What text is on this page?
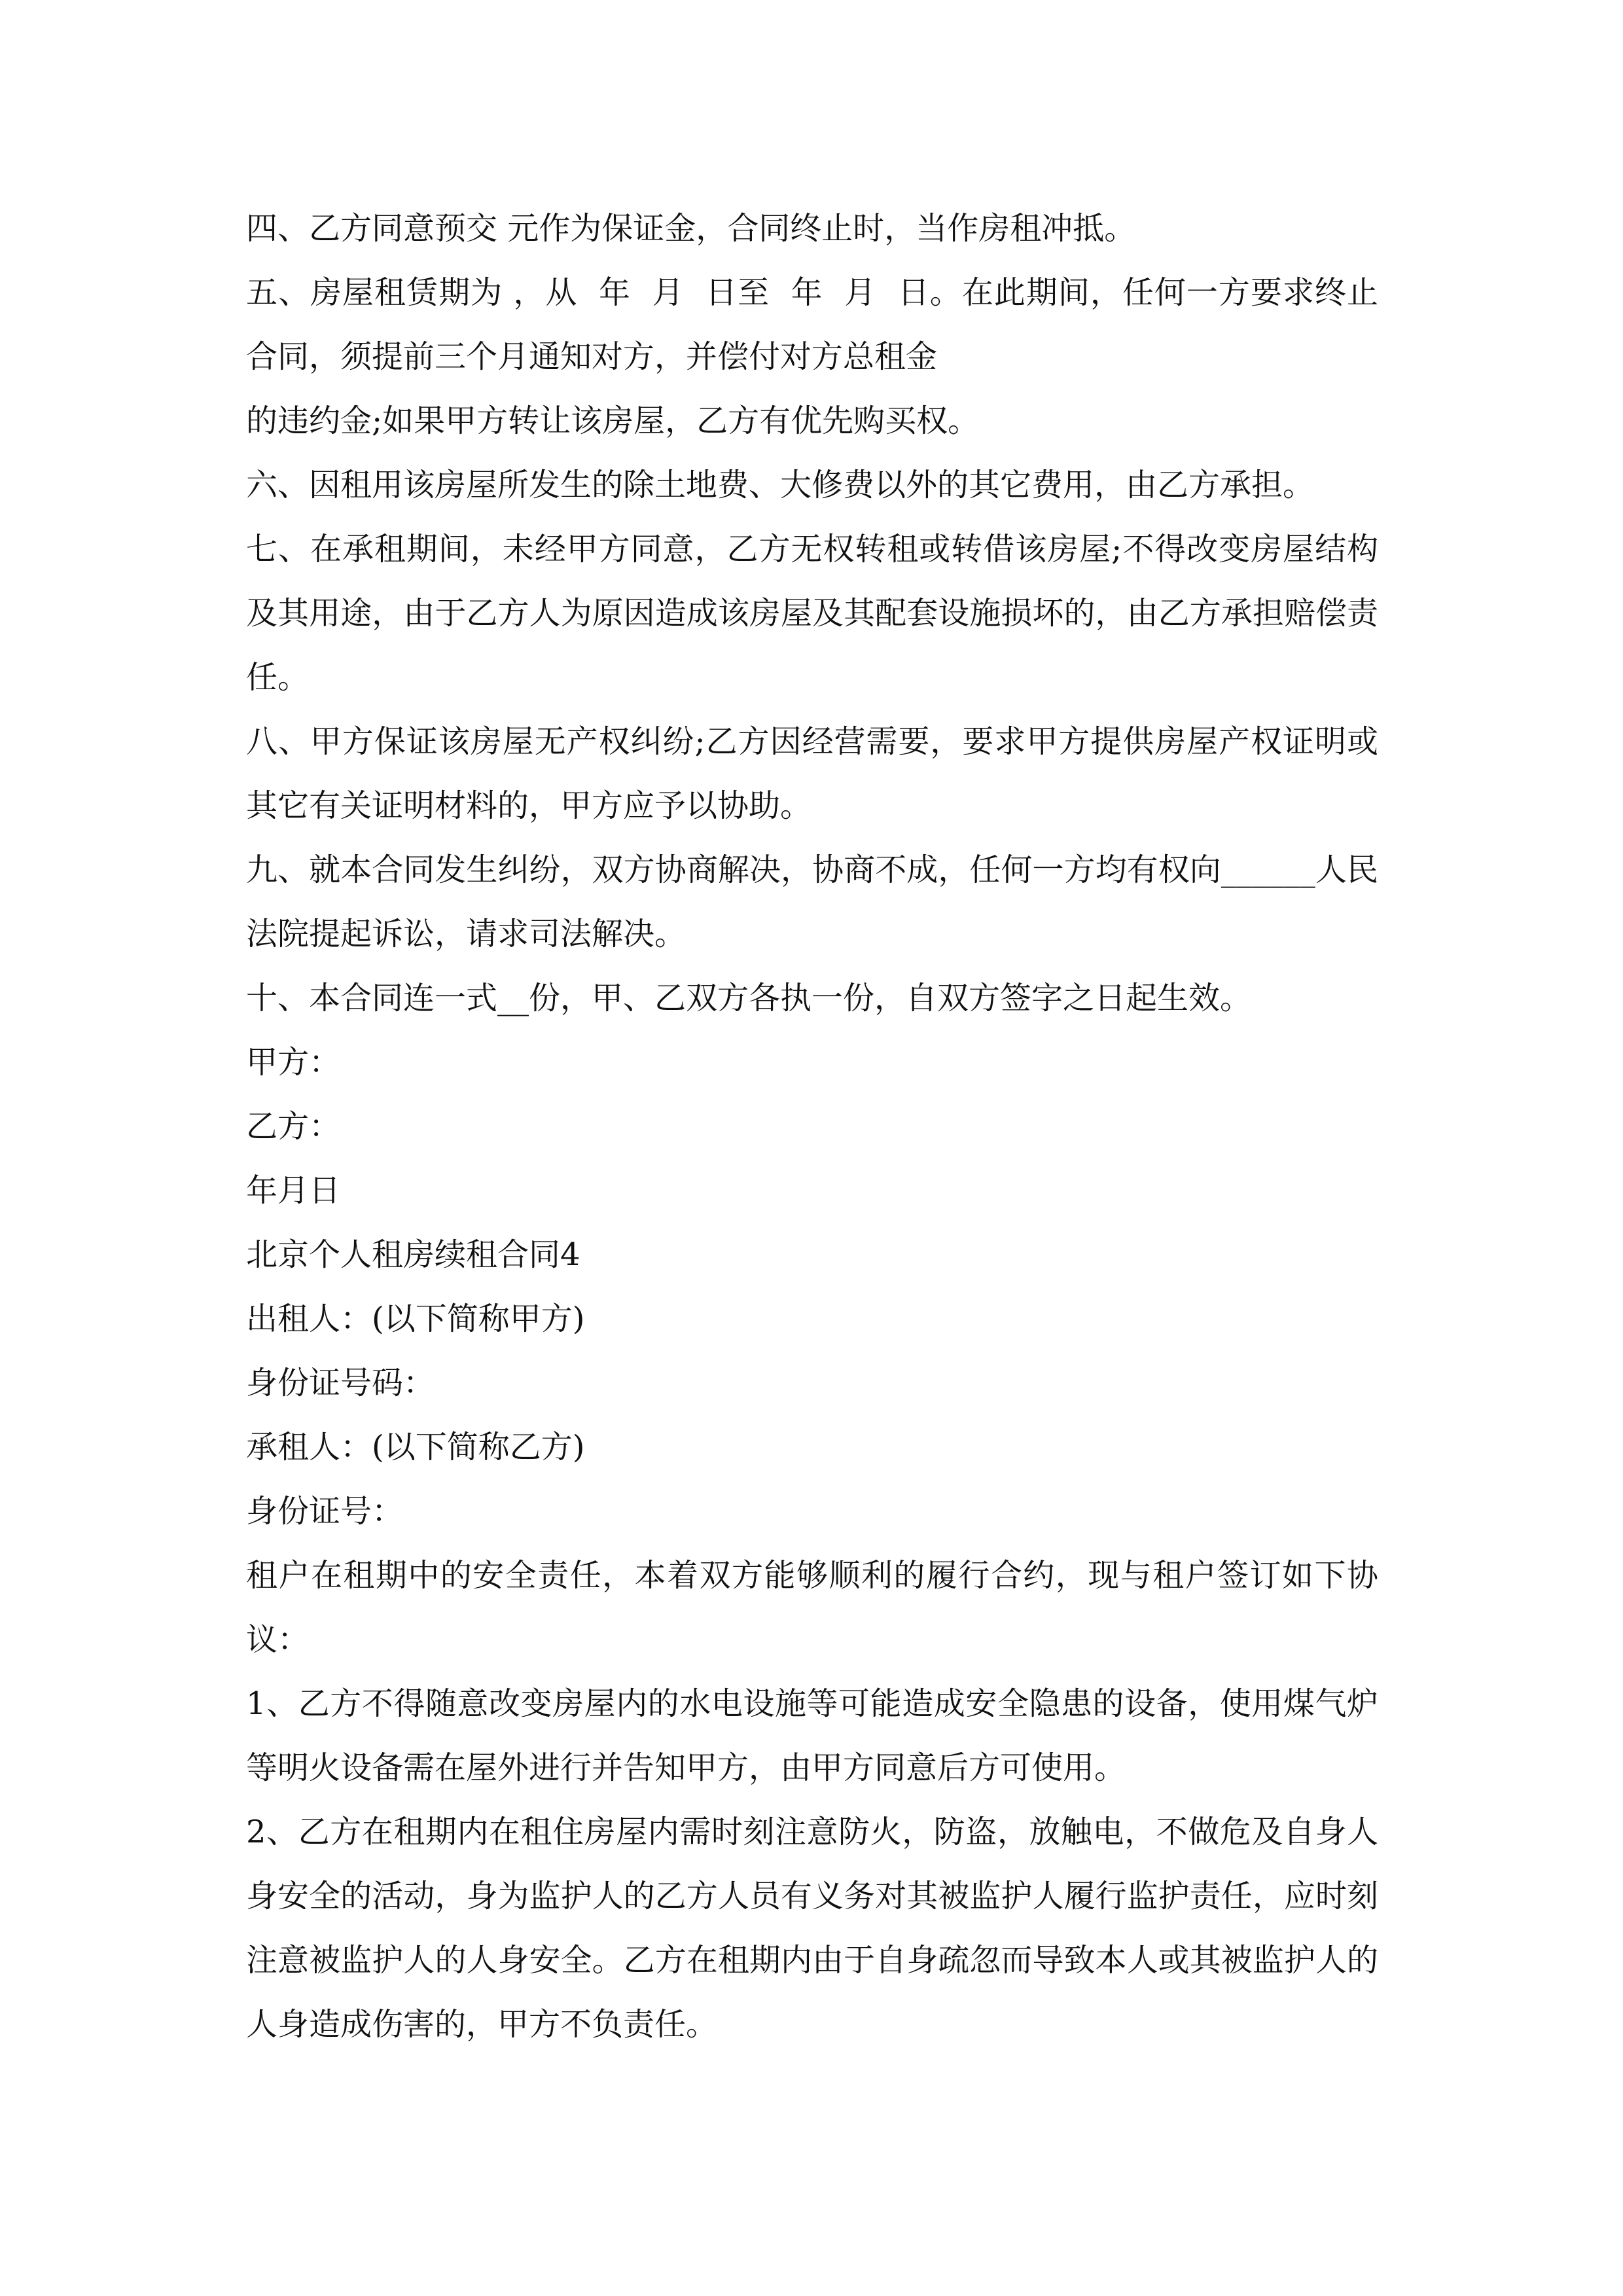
四、乙方同意预交 元作为保证金，合同终止时，当作房租冲抵。

五、房屋租赁期为 ，从  年  月  日至  年  月  日。在此期间，任何一方要求终止合同，须提前三个月通知对方，并偿付对方总租金

的违约金;如果甲方转让该房屋，乙方有优先购买权。

六、因租用该房屋所发生的除土地费、大修费以外的其它费用，由乙方承担。

七、在承租期间，未经甲方同意，乙方无权转租或转借该房屋;不得改变房屋结构及其用途，由于乙方人为原因造成该房屋及其配套设施损坏的，由乙方承担赔偿责任。

八、甲方保证该房屋无产权纠纷;乙方因经营需要，要求甲方提供房屋产权证明或其它有关证明材料的，甲方应予以协助。

九、就本合同发生纠纷，双方协商解决，协商不成，任何一方均有权向______人民法院提起诉讼，请求司法解决。

十、本合同连一式__份，甲、乙双方各执一份，自双方签字之日起生效。

甲方：

乙方：

年月日

北京个人租房续租合同4

出租人：(以下简称甲方)

身份证号码：

承租人：(以下简称乙方)

身份证号：

租户在租期中的安全责任，本着双方能够顺利的履行合约，现与租户签订如下协议：

1、乙方不得随意改变房屋内的水电设施等可能造成安全隐患的设备，使用煤气炉等明火设备需在屋外进行并告知甲方，由甲方同意后方可使用。

2、乙方在租期内在租住房屋内需时刻注意防火，防盗，放触电，不做危及自身人身安全的活动，身为监护人的乙方人员有义务对其被监护人履行监护责任，应时刻注意被监护人的人身安全。乙方在租期内由于自身疏忽而导致本人或其被监护人的人身造成伤害的，甲方不负责任。
